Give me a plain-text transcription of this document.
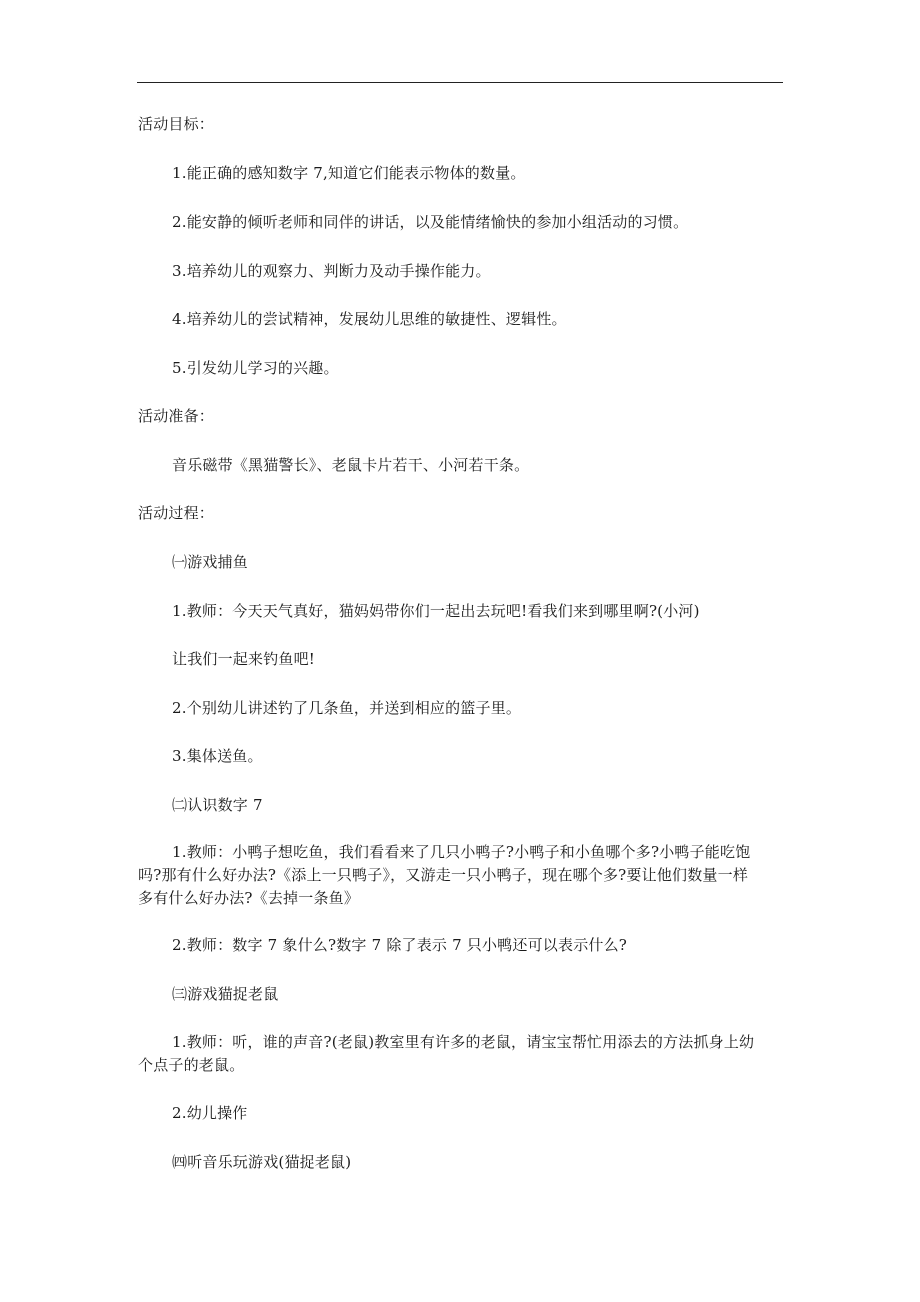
活动目标：
1.能正确的感知数字 7,知道它们能表示物体的数量。
2.能安静的倾听老师和同伴的讲话，以及能情绪愉快的参加小组活动的习惯。
3.培养幼儿的观察力、判断力及动手操作能力。
4.培养幼儿的尝试精神，发展幼儿思维的敏捷性、逻辑性。
5.引发幼儿学习的兴趣。
活动准备：
音乐磁带《黑猫警长》、老鼠卡片若干、小河若干条。
活动过程：
㈠游戏捕鱼
1.教师：今天天气真好，猫妈妈带你们一起出去玩吧!看我们来到哪里啊?(小河)
让我们一起来钓鱼吧!
2.个别幼儿讲述钓了几条鱼，并送到相应的篮子里。
3.集体送鱼。
㈡认识数字 7
1.教师：小鸭子想吃鱼，我们看看来了几只小鸭子?小鸭子和小鱼哪个多?小鸭子能吃饱
吗?那有什么好办法?《添上一只鸭子》，又游走一只小鸭子，现在哪个多?要让他们数量一样
多有什么好办法?《去掉一条鱼》
2.教师：数字 7 象什么?数字 7 除了表示 7 只小鸭还可以表示什么?
㈢游戏猫捉老鼠
1.教师：听，谁的声音?(老鼠)教室里有许多的老鼠，请宝宝帮忙用添去的方法抓身上幼
个点子的老鼠。
2.幼儿操作
㈣听音乐玩游戏(猫捉老鼠)
